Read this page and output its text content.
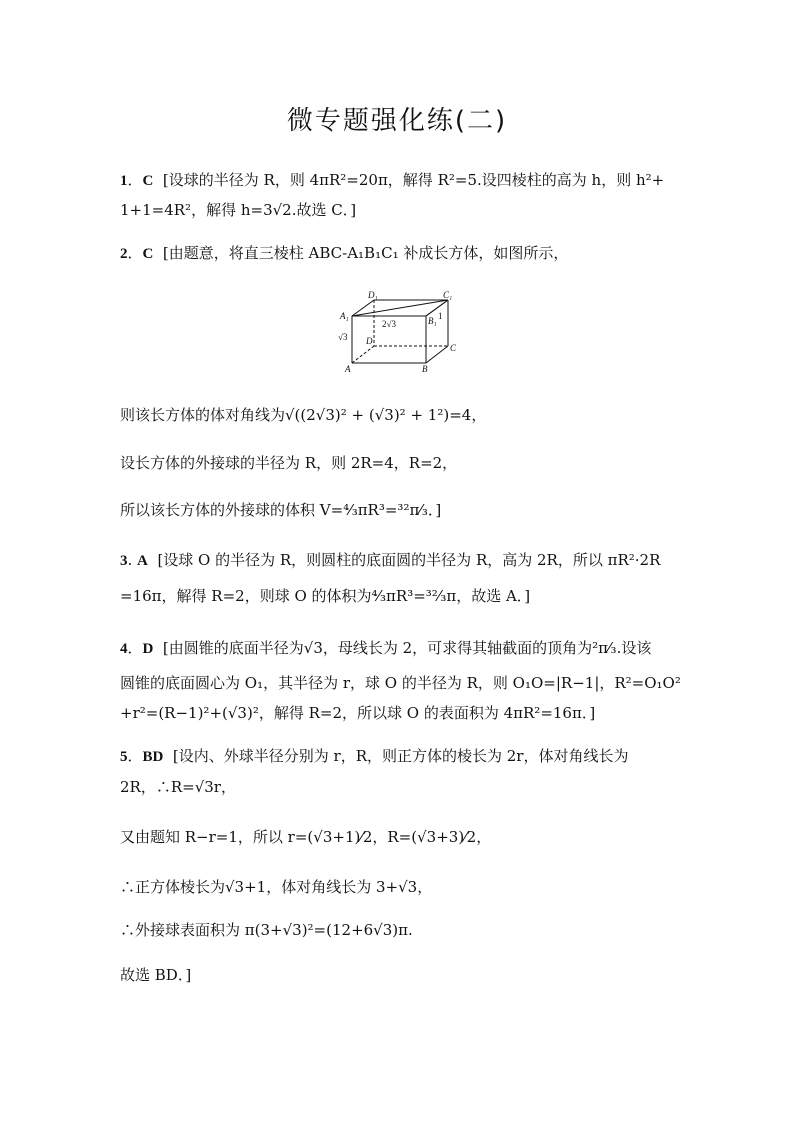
微专题强化练(二)
1．C [设球的半径为 R，则 4πR²=20π，解得 R²=5.设四棱柱的高为 h，则 h²+
1+1=4R²，解得 h=3√2.故选 C．]
2．C [由题意，将直三棱柱 ABC-A₁B₁C₁ 补成长方体，如图所示，
D₁	C₁
A₁	B₁
D
C
A	B
2√3
√3
1
则该长方体的体对角线为√((2√3)² + (√3)² + 1²)=4，
设长方体的外接球的半径为 R，则 2R=4，R=2，
所以该长方体的外接球的体积 V=⁴⁄₃πR³=³²π⁄₃．]
3. A [设球 O 的半径为 R，则圆柱的底面圆的半径为 R，高为 2R，所以 πR²·2R
=16π，解得 R=2，则球 O 的体积为⁴⁄₃πR³=³²⁄₃π，故选 A．]
4．D [由圆锥的底面半径为√3，母线长为 2，可求得其轴截面的顶角为²π⁄₃.设该
圆锥的底面圆心为 O₁，其半径为 r，球 O 的半径为 R，则 O₁O=|R−1|，R²=O₁O²
+r²=(R−1)²+(√3)²，解得 R=2，所以球 O 的表面积为 4πR²=16π．]
5．BD [设内、外球半径分别为 r，R，则正方体的棱长为 2r，体对角线长为
2R，∴R=√3r，
又由题知 R−r=1，所以 r=(√3+1)⁄2，R=(√3+3)⁄2，
∴正方体棱长为√3+1，体对角线长为 3+√3，
∴外接球表面积为 π(3+√3)²=(12+6√3)π.
故选 BD．]
